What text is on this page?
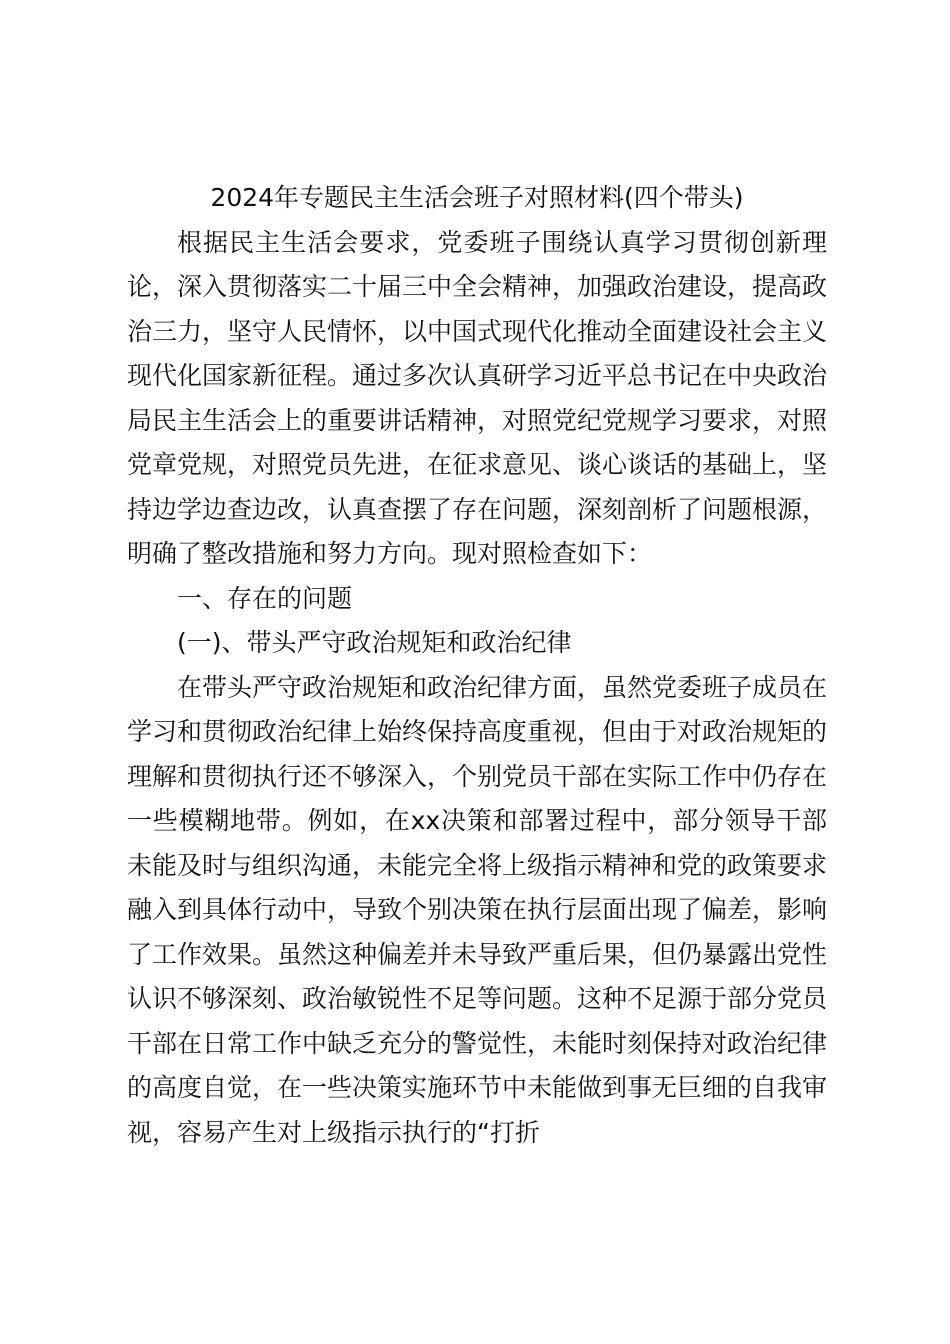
2024年专题民主生活会班子对照材料(四个带头)

根据民主生活会要求，党委班子围绕认真学习贯彻创新理论，深入贯彻落实二十届三中全会精神，加强政治建设，提高政治三力，坚守人民情怀，以中国式现代化推动全面建设社会主义现代化国家新征程。通过多次认真研学习近平总书记在中央政治局民主生活会上的重要讲话精神，对照党纪党规学习要求，对照党章党规，对照党员先进，在征求意见、谈心谈话的基础上，坚持边学边查边改，认真查摆了存在问题，深刻剖析了问题根源，明确了整改措施和努力方向。现对照检查如下：

一、存在的问题

(一)、带头严守政治规矩和政治纪律

在带头严守政治规矩和政治纪律方面，虽然党委班子成员在学习和贯彻政治纪律上始终保持高度重视，但由于对政治规矩的理解和贯彻执行还不够深入，个别党员干部在实际工作中仍存在一些模糊地带。例如，在xx决策和部署过程中，部分领导干部未能及时与组织沟通，未能完全将上级指示精神和党的政策要求融入到具体行动中，导致个别决策在执行层面出现了偏差，影响了工作效果。虽然这种偏差并未导致严重后果，但仍暴露出党性认识不够深刻、政治敏锐性不足等问题。这种不足源于部分党员干部在日常工作中缺乏充分的警觉性，未能时刻保持对政治纪律的高度自觉，在一些决策实施环节中未能做到事无巨细的自我审视，容易产生对上级指示执行的“打折
